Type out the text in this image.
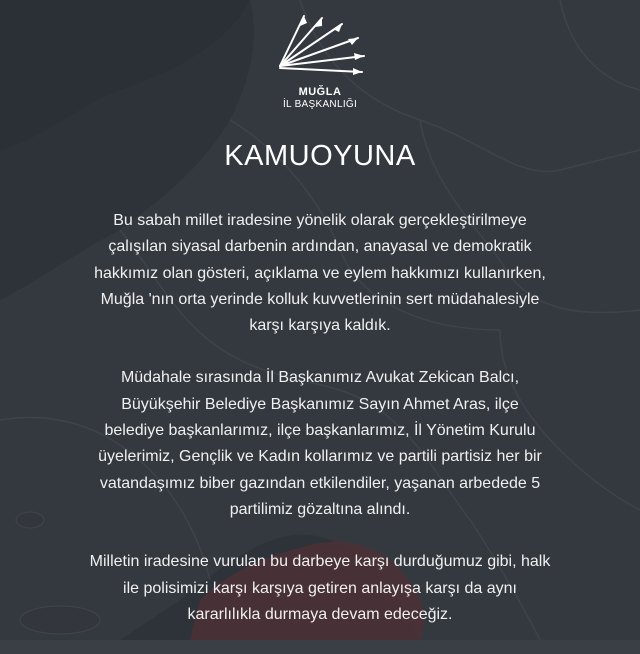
MUĞLA
İL BAŞKANLIĞI
KAMUOYUNA

Bu sabah millet iradesine yönelik olarak gerçekleştirilmeye
çalışılan siyasal darbenin ardından, anayasal ve demokratik
hakkımız olan gösteri, açıklama ve eylem hakkımızı kullanırken,
Muğla 'nın orta yerinde kolluk kuvvetlerinin sert müdahalesiyle
karşı karşıya kaldık.

Müdahale sırasında İl Başkanımız Avukat Zekican Balcı,
Büyükşehir Belediye Başkanımız Sayın Ahmet Aras, ilçe
belediye başkanlarımız, ilçe başkanlarımız, İl Yönetim Kurulu
üyelerimiz, Gençlik ve Kadın kollarımız ve partili partisiz her bir
vatandaşımız biber gazından etkilendiler, yaşanan arbedede 5
partilimiz gözaltına alındı.

Milletin iradesine vurulan bu darbeye karşı durduğumuz gibi, halk
ile polisimizi karşı karşıya getiren anlayışa karşı da aynı
kararlılıkla durmaya devam edeceğiz.
